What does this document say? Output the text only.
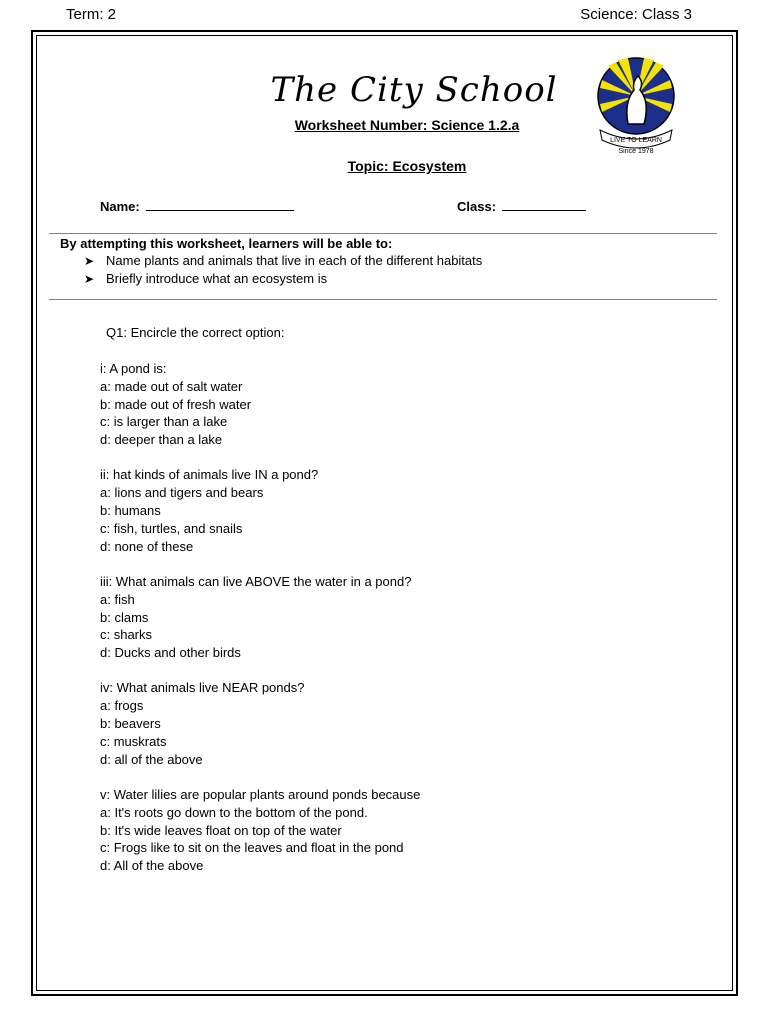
Term: 2	Science: Class 3
The City School
LIVE TO LEARN
Since 1978
Worksheet Number: Science 1.2.a
Topic: Ecosystem
Name:	Class:
By attempting this worksheet, learners will be able to:
➤ Name plants and animals that live in each of the different habitats
➤ Briefly introduce what an ecosystem is
Q1: Encircle the correct option:
i: A pond is:
a: made out of salt water
b: made out of fresh water
c: is larger than a lake
d: deeper than a lake
ii: hat kinds of animals live IN a pond?
a: lions and tigers and bears
b: humans
c: fish, turtles, and snails
d: none of these
iii: What animals can live ABOVE the water in a pond?
a: fish
b: clams
c: sharks
d: Ducks and other birds
iv: What animals live NEAR ponds?
a: frogs
b: beavers
c: muskrats
d: all of the above
v: Water lilies are popular plants around ponds because
a: It's roots go down to the bottom of the pond.
b: It's wide leaves float on top of the water
c: Frogs like to sit on the leaves and float in the pond
d: All of the above
